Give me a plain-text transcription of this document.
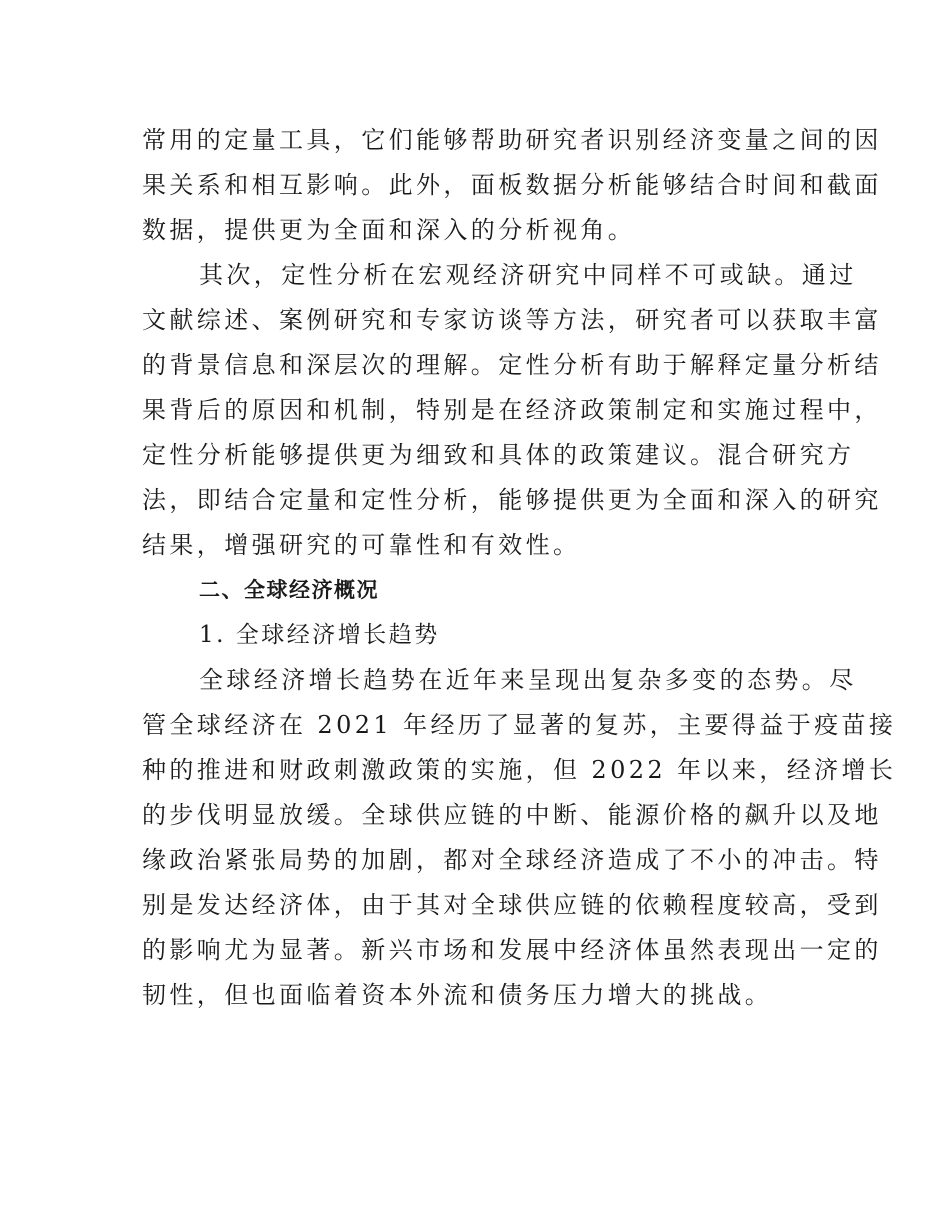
常用的定量工具，它们能够帮助研究者识别经济变量之间的因
果关系和相互影响。此外，面板数据分析能够结合时间和截面
数据，提供更为全面和深入的分析视角。
其次，定性分析在宏观经济研究中同样不可或缺。通过
文献综述、案例研究和专家访谈等方法，研究者可以获取丰富
的背景信息和深层次的理解。定性分析有助于解释定量分析结
果背后的原因和机制，特别是在经济政策制定和实施过程中，
定性分析能够提供更为细致和具体的政策建议。混合研究方
法，即结合定量和定性分析，能够提供更为全面和深入的研究
结果，增强研究的可靠性和有效性。
二、全球经济概况
1. 全球经济增长趋势
全球经济增长趋势在近年来呈现出复杂多变的态势。尽
管全球经济在 2021 年经历了显著的复苏，主要得益于疫苗接
种的推进和财政刺激政策的实施，但 2022 年以来，经济增长
的步伐明显放缓。全球供应链的中断、能源价格的飙升以及地
缘政治紧张局势的加剧，都对全球经济造成了不小的冲击。特
别是发达经济体，由于其对全球供应链的依赖程度较高，受到
的影响尤为显著。新兴市场和发展中经济体虽然表现出一定的
韧性，但也面临着资本外流和债务压力增大的挑战。
